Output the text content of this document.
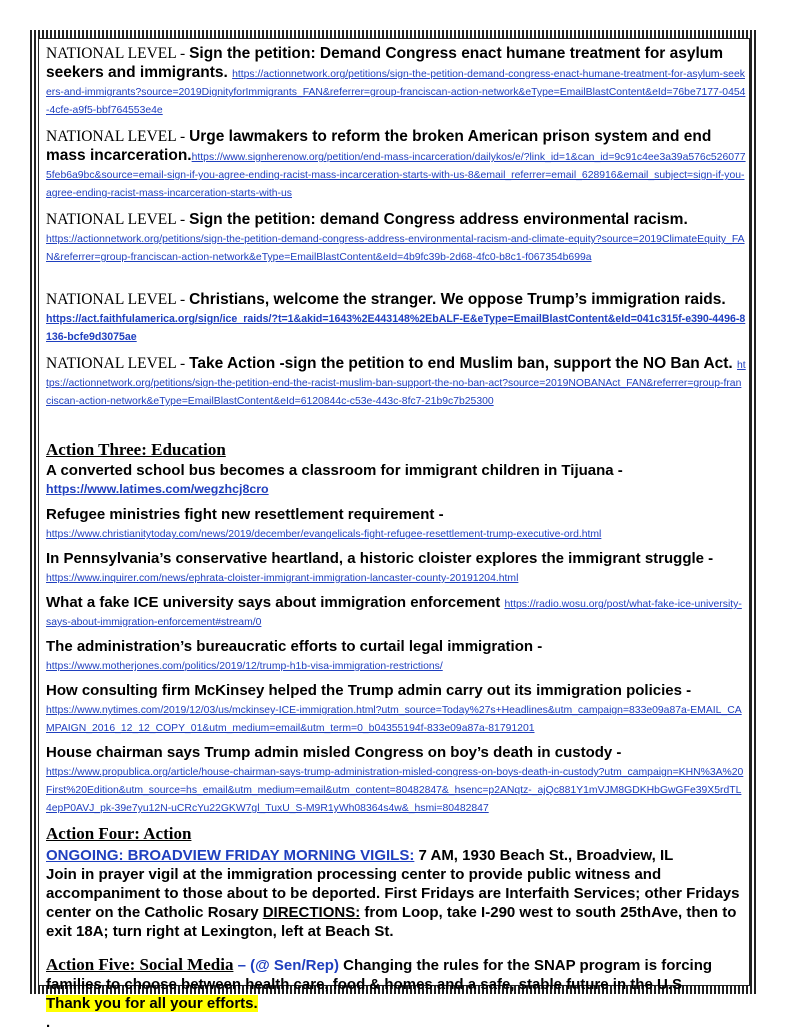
NATIONAL LEVEL - Sign the petition: Demand Congress enact humane treatment for asylum seekers and immigrants. https://actionnetwork.org/petitions/sign-the-petition-demand-congress-enact-humane-treatment-for-asylum-seekers-and-immigrants?source=2019DignityforImmigrants_FAN&referrer=group-franciscan-action-network&eType=EmailBlastContent&eId=76be7177-0454-4cfe-a9f5-bbf764553e4e
NATIONAL LEVEL - Urge lawmakers to reform the broken American prison system and end mass incarceration.https://www.signherenow.org/petition/end-mass-incarceration/dailykos/e/?link_id=1&can_id=9c91c4ee3a39a576c5260775feb6a9bc&source=email-sign-if-you-agree-ending-racist-mass-incarceration-starts-with-us-8&email_referrer=email_628916&email_subject=sign-if-you-agree-ending-racist-mass-incarceration-starts-with-us
NATIONAL LEVEL - Sign the petition: demand Congress address environmental racism.
https://actionnetwork.org/petitions/sign-the-petition-demand-congress-address-environmental-racism-and-climate-equity?source=2019ClimateEquity_FAN&referrer=group-franciscan-action-network&eType=EmailBlastContent&eId=4b9fc39b-2d68-4fc0-b8c1-f067354b699a
NATIONAL LEVEL - Christians, welcome the stranger. We oppose Trump’s immigration raids.
https://act.faithfulamerica.org/sign/ice_raids/?t=1&akid=1643%2E443148%2EbALF-E&eType=EmailBlastContent&eId=041c315f-e390-4496-8136-bcfe9d3075ae
NATIONAL LEVEL - Take Action -sign the petition to end Muslim ban, support the NO Ban Act. https://actionnetwork.org/petitions/sign-the-petition-end-the-racist-muslim-ban-support-the-no-ban-act?source=2019NOBANAct_FAN&referrer=group-franciscan-action-network&eType=EmailBlastContent&eId=6120844c-c53e-443c-8fc7-21b9c7b25300
Action Three: Education
A converted school bus becomes a classroom for immigrant children in Tijuana -
https://www.latimes.com/wegzhcj8cro
Refugee ministries fight new resettlement requirement -
https://www.christianitytoday.com/news/2019/december/evangelicals-fight-refugee-resettlement-trump-executive-ord.html
In Pennsylvania’s conservative heartland, a historic cloister explores the immigrant struggle -
https://www.inquirer.com/news/ephrata-cloister-immigrant-immigration-lancaster-county-20191204.html
What a fake ICE university says about immigration enforcement https://radio.wosu.org/post/what-fake-ice-university-says-about-immigration-enforcement#stream/0
The administration’s bureaucratic efforts to curtail legal immigration -
https://www.motherjones.com/politics/2019/12/trump-h1b-visa-immigration-restrictions/
How consulting firm McKinsey helped the Trump admin carry out its immigration policies -
https://www.nytimes.com/2019/12/03/us/mckinsey-ICE-immigration.html?utm_source=Today%27s+Headlines&utm_campaign=833e09a87a-EMAIL_CAMPAIGN_2016_12_12_COPY_01&utm_medium=email&utm_term=0_b04355194f-833e09a87a-81791201
House chairman says Trump admin misled Congress on boy’s death in custody -
https://www.propublica.org/article/house-chairman-says-trump-administration-misled-congress-on-boys-death-in-custody?utm_campaign=KHN%3A%20First%20Edition&utm_source=hs_email&utm_medium=email&utm_content=80482847&_hsenc=p2ANqtz-_ajQc881Y1mVJM8GDKHbGwGFe39X5rdTL4epP0AVJ_pk-39e7yu12N-uCRcYu22GKW7gl_TuxU_S-M9R1yWh08364s4w&_hsmi=80482847
Action Four: Action
ONGOING: BROADVIEW FRIDAY MORNING VIGILS: 7 AM, 1930 Beach St., Broadview, IL
Join in prayer vigil at the immigration processing center to provide public witness and accompaniment to those about to be deported. First Fridays are Interfaith Services; other Fridays center on the Catholic Rosary DIRECTIONS: from Loop, take I-290 west to south 25thAve, then to exit 18A; turn right at Lexington, left at Beach St.
Action Five: Social Media – (@ Sen/Rep) Changing the rules for the SNAP program is forcing families to choose between health care, food & homes and a safe, stable future in the U.S
Thank you for all your efforts.
.
